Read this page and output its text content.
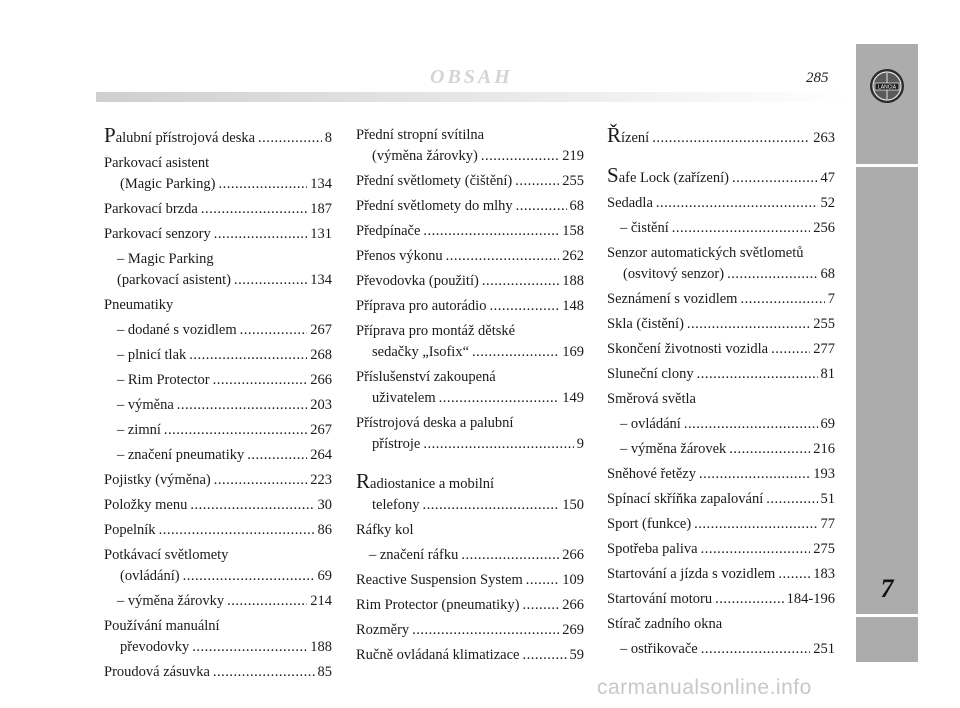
OBSAH	285
7
LANCIA
Palubní přístrojová deska .....	8
Parkovací asistent
(Magic Parking) .....	134
Parkovací brzda .....	187
Parkovací senzory .....	131
– Magic Parking
(parkovací asistent) .....	134
Pneumatiky
– dodané s vozidlem .....	267
– plnicí tlak .....	268
– Rim Protector .....	266
– výměna .....	203
– zimní .....	267
– značení pneumatiky .....	264
Pojistky (výměna) .....	223
Položky menu .....	30
Popelník .....	86
Potkávací světlomety
(ovládání) .....	69
– výměna žárovky .....	214
Používání manuální
převodovky .....	188
Proudová zásuvka .....	85
Přední stropní svítilna
(výměna žárovky) .....	219
Přední světlomety (čištění) .....	255
Přední světlomety do mlhy .....	68
Předpínače .....	158
Přenos výkonu .....	262
Převodovka (použití) .....	188
Příprava pro autorádio .....	148
Příprava pro montáž dětské
sedačky „Isofix“ .....	169
Příslušenství zakoupená
uživatelem .....	149
Přístrojová deska a palubní
přístroje .....	9
Radiostanice a mobilní
telefony .....	150
Ráfky kol
– značení ráfku .....	266
Reactive Suspension System .....	109
Rim Protector (pneumatiky) .....	266
Rozměry .....	269
Ručně ovládaná klimatizace .....	59
Řízení .....	263
Safe Lock (zařízení) .....	47
Sedadla .....	52
– čistění .....	256
Senzor automatických světlometů
(osvitový senzor) .....	68
Seznámení s vozidlem .....	7
Skla (čistění) .....	255
Skončení životnosti vozidla .....	277
Sluneční clony .....	81
Směrová světla
– ovládání .....	69
– výměna žárovek .....	216
Sněhové řetězy .....	193
Spínací skříňka zapalování .....	51
Sport (funkce) .....	77
Spotřeba paliva .....	275
Startování a jízda s vozidlem .....	183
Startování motoru .....	184-196
Stírač zadního okna
– ostřikovače .....	251
carmanualsonline.info
